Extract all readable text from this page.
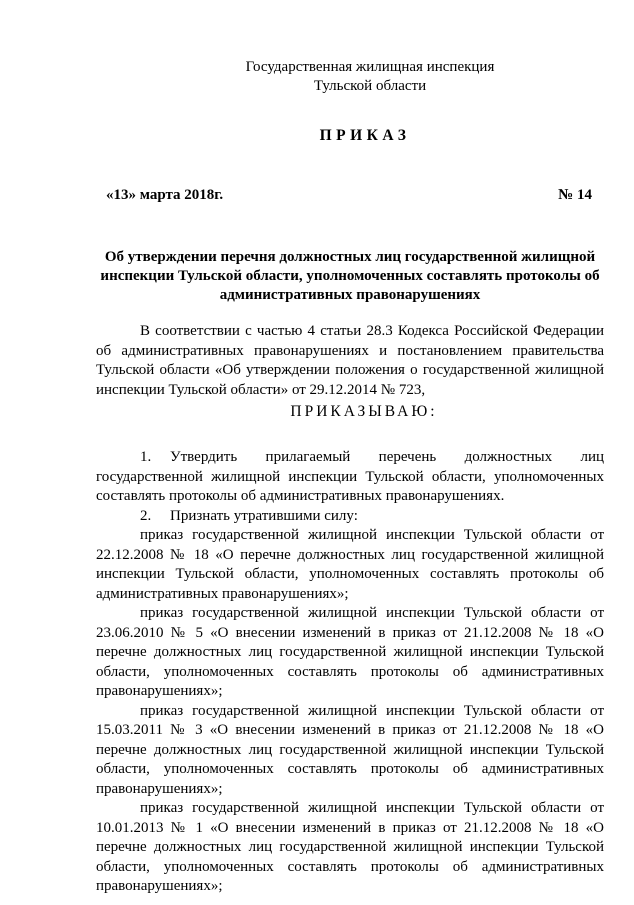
Государственная жилищная инспекция
Тульской области
ПРИКАЗ
«13» марта 2018г.	№ 14
Об утверждении перечня должностных лиц государственной жилищной инспекции Тульской области, уполномоченных составлять протоколы об административных правонарушениях

В соответствии с частью 4 статьи 28.3 Кодекса Российской Федерации об административных правонарушениях и постановлением правительства Тульской области «Об утверждении положения о государственной жилищной инспекции Тульской области» от 29.12.2014 № 723,

ПРИКАЗЫВАЮ:

1. Утвердить прилагаемый перечень должностных лиц государственной жилищной инспекции Тульской области, уполномоченных составлять протоколы об административных правонарушениях.

2. Признать утратившими силу:

приказ государственной жилищной инспекции Тульской области от 22.12.2008 № 18 «О перечне должностных лиц государственной жилищной инспекции Тульской области, уполномоченных составлять протоколы об административных правонарушениях»;

приказ государственной жилищной инспекции Тульской области от 23.06.2010 № 5 «О внесении изменений в приказ от 21.12.2008 № 18 «О перечне должностных лиц государственной жилищной инспекции Тульской области, уполномоченных составлять протоколы об административных правонарушениях»;

приказ государственной жилищной инспекции Тульской области от 15.03.2011 № 3 «О внесении изменений в приказ от 21.12.2008 № 18 «О перечне должностных лиц государственной жилищной инспекции Тульской области, уполномоченных составлять протоколы об административных правонарушениях»;

приказ государственной жилищной инспекции Тульской области от 10.01.2013 № 1 «О внесении изменений в приказ от 21.12.2008 № 18 «О перечне должностных лиц государственной жилищной инспекции Тульской области, уполномоченных составлять протоколы об административных правонарушениях»;
